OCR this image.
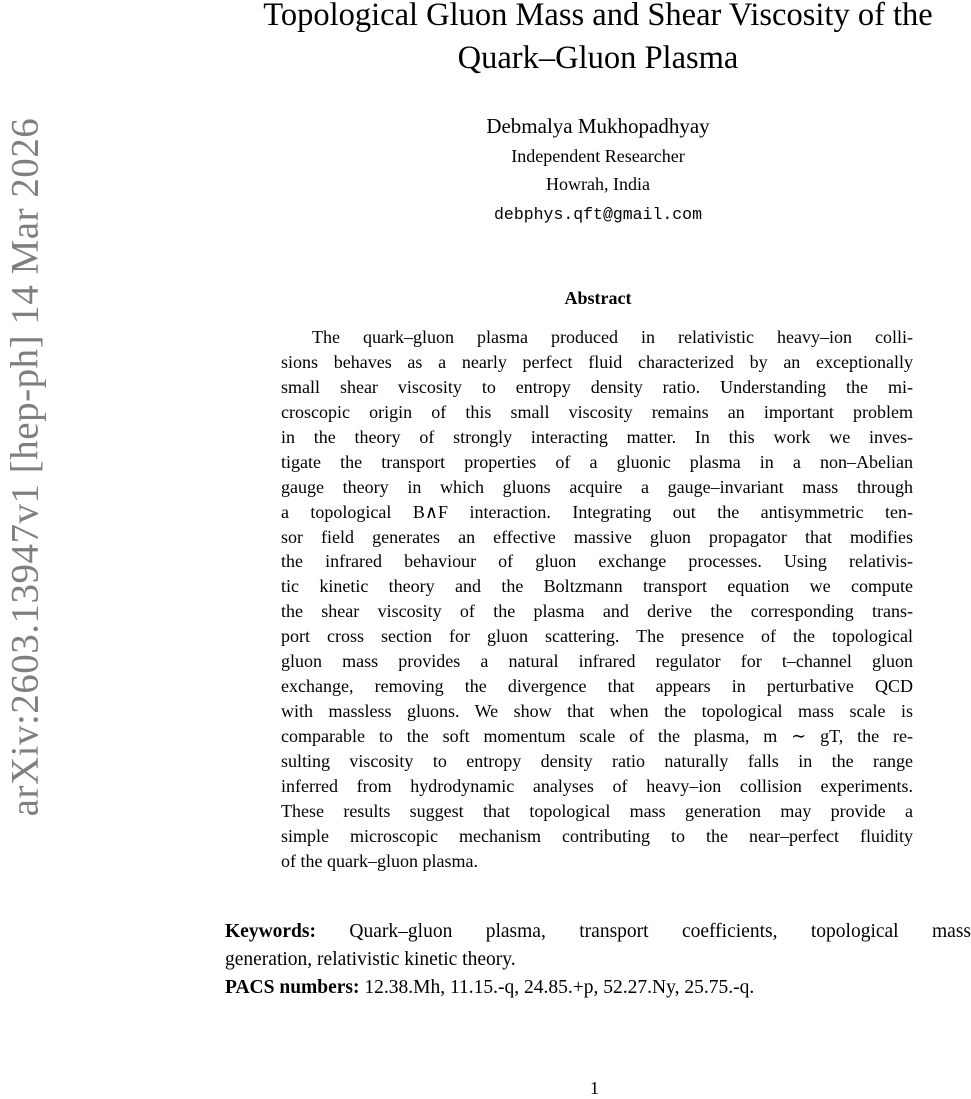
arXiv:2603.13947v1 [hep-ph] 14 Mar 2026
Topological Gluon Mass and Shear Viscosity of the
Quark–Gluon Plasma
Debmalya Mukhopadhyay
Independent Researcher
Howrah, India
debphys.qft@gmail.com
Abstract
The quark–gluon plasma produced in relativistic heavy–ion colli-
sions behaves as a nearly perfect fluid characterized by an exceptionally
small shear viscosity to entropy density ratio. Understanding the mi-
croscopic origin of this small viscosity remains an important problem
in the theory of strongly interacting matter. In this work we inves-
tigate the transport properties of a gluonic plasma in a non–Abelian
gauge theory in which gluons acquire a gauge–invariant mass through
a topological B∧F interaction. Integrating out the antisymmetric ten-
sor field generates an effective massive gluon propagator that modifies
the infrared behaviour of gluon exchange processes. Using relativis-
tic kinetic theory and the Boltzmann transport equation we compute
the shear viscosity of the plasma and derive the corresponding trans-
port cross section for gluon scattering. The presence of the topological
gluon mass provides a natural infrared regulator for t–channel gluon
exchange, removing the divergence that appears in perturbative QCD
with massless gluons. We show that when the topological mass scale is
comparable to the soft momentum scale of the plasma, m ∼ gT, the re-
sulting viscosity to entropy density ratio naturally falls in the range
inferred from hydrodynamic analyses of heavy–ion collision experiments.
These results suggest that topological mass generation may provide a
simple microscopic mechanism contributing to the near–perfect fluidity
of the quark–gluon plasma.
Keywords: Quark–gluon plasma, transport coefficients, topological mass
generation, relativistic kinetic theory.
PACS numbers: 12.38.Mh, 11.15.-q, 24.85.+p, 52.27.Ny, 25.75.-q.
1
